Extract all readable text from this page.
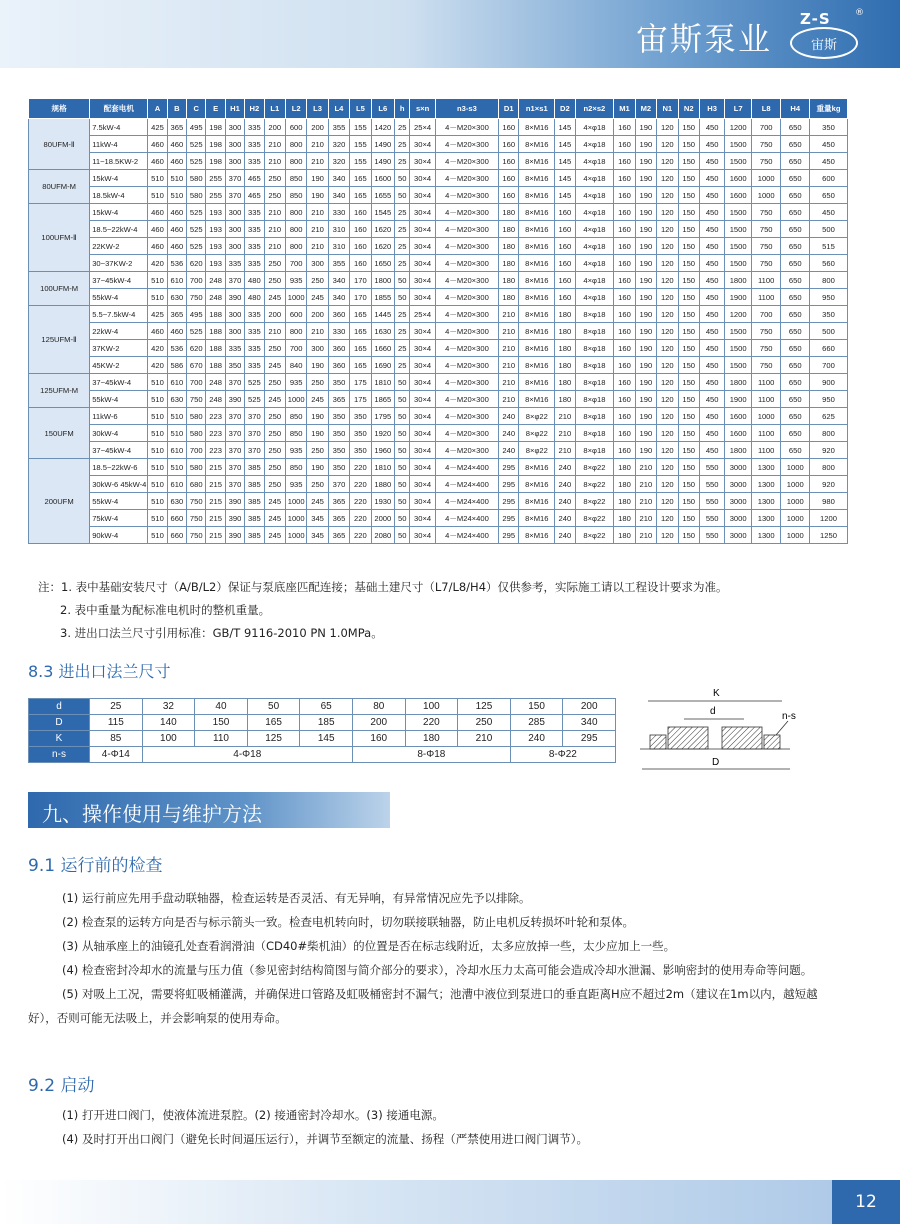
宙斯泵业
Z-S	®
宙斯
规格	配套电机	A	B	C	E	H1	H2	L1	L2	L3	L4	L5	L6	h	s×n	n3-s3	D1	n1×s1	D2	n2×s2	M1	M2	N1	N2	H3	L7	L8	H4	重量kg
80UFM-Ⅱ	7.5kW-4	425	365	495	198	300	335	200	600	200	355	155	1420	25	25×4	4－M20×300	160	8×M16	145	4×φ18	160	190	120	150	450	1200	700	650	350
	11kW-4	460	460	525	198	300	335	210	800	210	320	155	1490	25	30×4	4－M20×300	160	8×M16	145	4×φ18	160	190	120	150	450	1500	750	650	450
	11~18.5KW-2	460	460	525	198	300	335	210	800	210	320	155	1490	25	30×4	4－M20×300	160	8×M16	145	4×φ18	160	190	120	150	450	1500	750	650	450
80UFM-M	15kW-4	510	510	580	255	370	465	250	850	190	340	165	1600	50	30×4	4－M20×300	160	8×M16	145	4×φ18	160	190	120	150	450	1600	1000	650	600
	18.5kW-4	510	510	580	255	370	465	250	850	190	340	165	1655	50	30×4	4－M20×300	160	8×M16	145	4×φ18	160	190	120	150	450	1600	1000	650	650
100UFM-Ⅱ	15kW-4	460	460	525	193	300	335	210	800	210	330	160	1545	25	30×4	4－M20×300	180	8×M16	160	4×φ18	160	190	120	150	450	1500	750	650	450
	18.5~22kW-4	460	460	525	193	300	335	210	800	210	310	160	1620	25	30×4	4－M20×300	180	8×M16	160	4×φ18	160	190	120	150	450	1500	750	650	500
	22KW-2	460	460	525	193	300	335	210	800	210	310	160	1620	25	30×4	4－M20×300	180	8×M16	160	4×φ18	160	190	120	150	450	1500	750	650	515
	30~37KW-2	420	536	620	193	335	335	250	700	300	355	160	1650	25	30×4	4－M20×300	180	8×M16	160	4×φ18	160	190	120	150	450	1500	750	650	560
100UFM-M	37~45kW-4	510	610	700	248	370	480	250	935	250	340	170	1800	50	30×4	4－M20×300	180	8×M16	160	4×φ18	160	190	120	150	450	1800	1100	650	800
	55kW-4	510	630	750	248	390	480	245	1000	245	340	170	1855	50	30×4	4－M20×300	180	8×M16	160	4×φ18	160	190	120	150	450	1900	1100	650	950
125UFM-Ⅱ	5.5~7.5kW-4	425	365	495	188	300	335	200	600	200	360	165	1445	25	25×4	4－M20×300	210	8×M16	180	8×φ18	160	190	120	150	450	1200	700	650	350
	22kW-4	460	460	525	188	300	335	210	800	210	330	165	1630	25	30×4	4－M20×300	210	8×M16	180	8×φ18	160	190	120	150	450	1500	750	650	500
	37KW-2	420	536	620	188	335	335	250	700	300	360	165	1660	25	30×4	4－M20×300	210	8×M16	180	8×φ18	160	190	120	150	450	1500	750	650	660
	45KW-2	420	586	670	188	350	335	245	840	190	360	165	1690	25	30×4	4－M20×300	210	8×M16	180	8×φ18	160	190	120	150	450	1500	750	650	700
125UFM-M	37~45kW-4	510	610	700	248	370	525	250	935	250	350	175	1810	50	30×4	4－M20×300	210	8×M16	180	8×φ18	160	190	120	150	450	1800	1100	650	900
	55kW-4	510	630	750	248	390	525	245	1000	245	365	175	1865	50	30×4	4－M20×300	210	8×M16	180	8×φ18	160	190	120	150	450	1900	1100	650	950
150UFM	11kW-6	510	510	580	223	370	370	250	850	190	350	350	1795	50	30×4	4－M20×300	240	8×φ22	210	8×φ18	160	190	120	150	450	1600	1000	650	625
	30kW-4	510	510	580	223	370	370	250	850	190	350	350	1920	50	30×4	4－M20×300	240	8×φ22	210	8×φ18	160	190	120	150	450	1600	1100	650	800
	37~45kW-4	510	610	700	223	370	370	250	935	250	350	350	1960	50	30×4	4－M20×300	240	8×φ22	210	8×φ18	160	190	120	150	450	1800	1100	650	920
200UFM	18.5~22kW-6	510	510	580	215	370	385	250	850	190	350	220	1810	50	30×4	4－M24×400	295	8×M16	240	8×φ22	180	210	120	150	550	3000	1300	1000	800
	30kW-6 45kW-4	510	610	680	215	370	385	250	935	250	370	220	1880	50	30×4	4－M24×400	295	8×M16	240	8×φ22	180	210	120	150	550	3000	1300	1000	920
	55kW-4	510	630	750	215	390	385	245	1000	245	365	220	1930	50	30×4	4－M24×400	295	8×M16	240	8×φ22	180	210	120	150	550	3000	1300	1000	980
	75kW-4	510	660	750	215	390	385	245	1000	345	365	220	2000	50	30×4	4－M24×400	295	8×M16	240	8×φ22	180	210	120	150	550	3000	1300	1000	1200
	90kW-4	510	660	750	215	390	385	245	1000	345	365	220	2080	50	30×4	4－M24×400	295	8×M16	240	8×φ22	180	210	120	150	550	3000	1300	1000	1250
注：1. 表中基础安装尺寸（A/B/L2）保证与泵底座匹配连接；基础土建尺寸（L7/L8/H4）仅供参考，实际施工请以工程设计要求为准。
2. 表中重量为配标准电机时的整机重量。
3. 进出口法兰尺寸引用标准：GB/T 9116-2010 PN 1.0MPa。
8.3 进出口法兰尺寸
d	25	32	40	50	65	80	100	125	150	200
D	115	140	150	165	185	200	220	250	285	340
K	85	100	110	125	145	160	180	210	240	295
n-s	4-Φ14	4-Φ18				8-Φ18			8-Φ22	
K
d
D
n-s
九、操作使用与维护方法
9.1 运行前的检查
(1) 运行前应先用手盘动联轴器，检查运转是否灵活、有无异响，有异常情况应先予以排除。
(2) 检查泵的运转方向是否与标示箭头一致。检查电机转向时，切勿联接联轴器，防止电机反转损坏叶轮和泵体。
(3) 从轴承座上的油镜孔处查看润滑油（CD40#柴机油）的位置是否在标志线附近，太多应放掉一些，太少应加上一些。
(4) 检查密封冷却水的流量与压力值（参见密封结构简图与简介部分的要求），冷却水压力太高可能会造成冷却水泄漏、影响密封的使用寿命等问题。
(5) 对吸上工况，需要将虹吸桶灌满，并确保进口管路及虹吸桶密封不漏气；池漕中液位到泵进口的垂直距离H应不超过2m（建议在1m以内，越短越好），否则可能无法吸上，并会影响泵的使用寿命。
9.2 启动
(1) 打开进口阀门，使液体流进泵腔。(2) 接通密封冷却水。(3) 接通电源。
(4) 及时打开出口阀门（避免长时间逼压运行），并调节至额定的流量、扬程（严禁使用进口阀门调节）。
12
